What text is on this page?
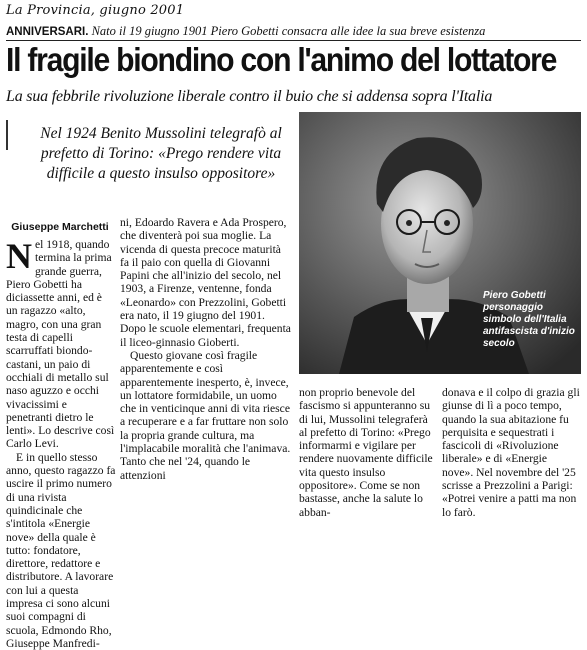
La Provincia, giugno 2001
ANNIVERSARI. Nato il 19 giugno 1901 Piero Gobetti consacra alle idee la sua breve esistenza
Il fragile biondino con l'animo del lottatore
La sua febbrile rivoluzione liberale contro il buio che si addensa sopra l'Italia
Nel 1924 Benito Mussolini telegrafò al prefetto di Torino: «Prego rendere vita difficile a questo insulso oppositore»
Piero Gobetti personaggio simbolo dell'Italia antifascista d'inizio secolo
Giuseppe Marchetti

Nel 1918, quando termina la prima grande guerra, Piero Gobetti ha diciassette anni, ed è un ragazzo «alto, magro, con una gran testa di capelli scarruffati biondo-castani, un paio di occhiali di metallo sul naso aguzzo e occhi vivacissimi e penetranti dietro le lenti». Lo descrive così Carlo Levi.

E in quello stesso anno, questo ragazzo fa uscire il primo numero di una rivista quindicinale che s'intitola «Energie nove» della quale è tutto: fondatore, direttore, redattore e distributore. A lavorare con lui a questa impresa ci sono alcuni suoi compagni di scuola, Edmondo Rho, Giuseppe Manfredi-

ni, Edoardo Ravera e Ada Prospero, che diventerà poi sua moglie. La vicenda di questa precoce maturità fa il paio con quella di Giovanni Papini che all'inizio del secolo, nel 1903, a Firenze, ventenne, fonda «Leonardo» con Prezzolini, Gobetti era nato, il 19 giugno del 1901. Dopo le scuole elementari, frequenta il liceo-ginnasio Gioberti.

Questo giovane così fragile apparentemente e così apparentemente inesperto, è, invece, un lottatore formidabile, un uomo che in venticinque anni di vita riesce a recuperare e a far fruttare non solo la propria grande cultura, ma l'implacabile moralità che l'animava. Tanto che nel '24, quando le attenzioni

non proprio benevole del fascismo si appunteranno su di lui, Mussolini telegraferà al prefetto di Torino: «Prego informarmi e vigilare per rendere nuovamente difficile vita questo insulso oppositore». Come se non bastasse, anche la salute lo abban-
donava e il colpo di grazia gli giunse di lì a poco tempo, quando la sua abitazione fu perquisita e sequestrati i fascicoli di «Rivoluzione liberale» e di «Energie nove». Nel novembre del '25 scrisse a Prezzolini a Parigi: «Potrei venire a patti ma non lo farò.
